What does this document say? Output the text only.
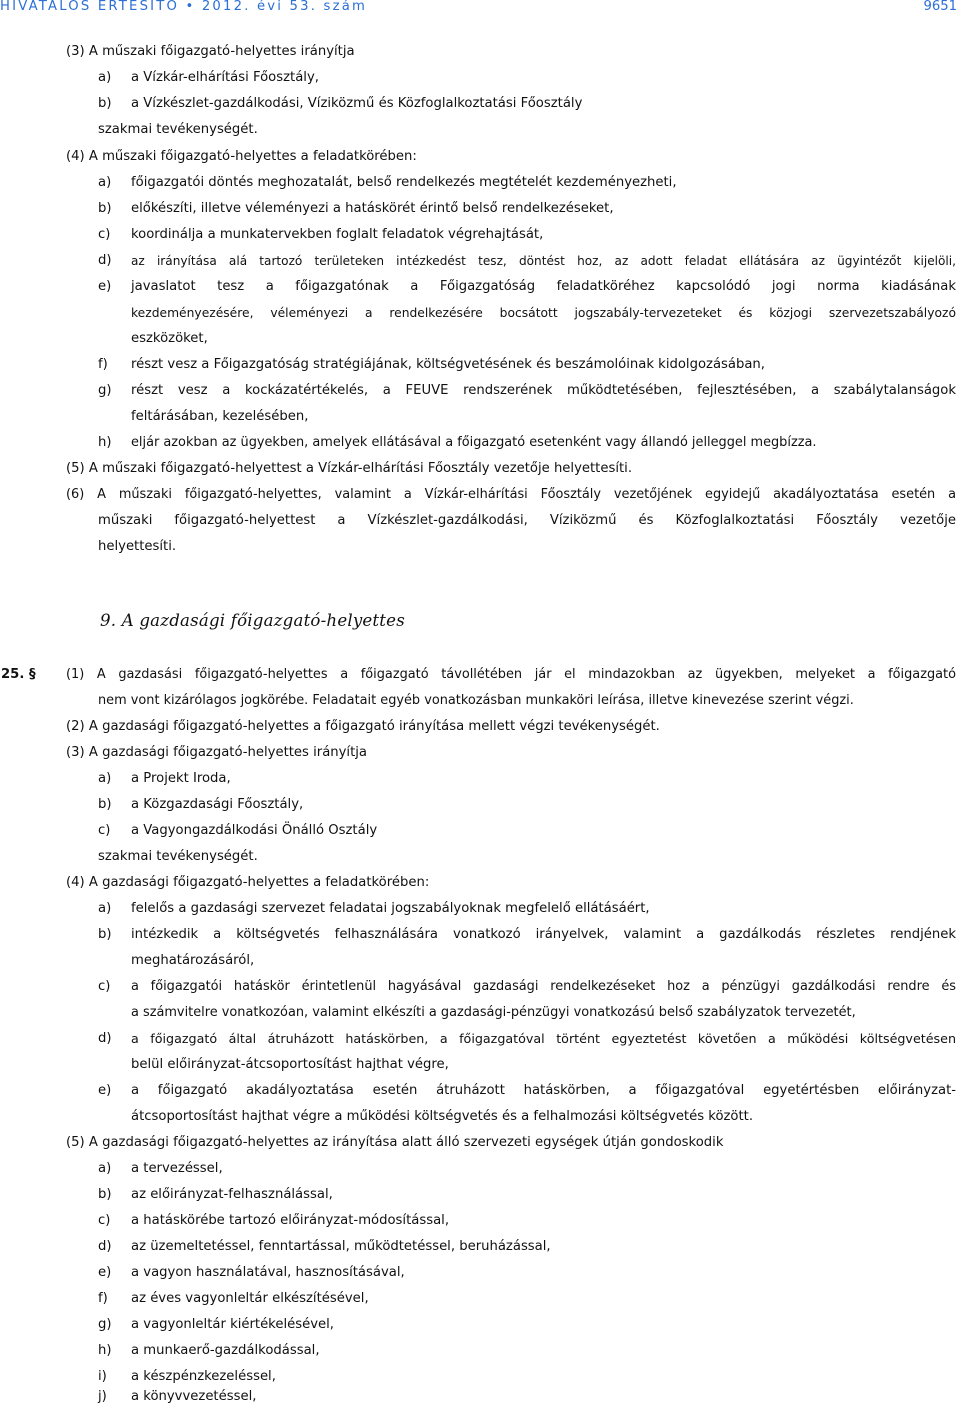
HIVATALOS ÉRTESÍTŐ • 2012. évi 53. szám	9651
(3) A műszaki főigazgató-helyettes irányítja
a) a Vízkár-elhárítási Főosztály,
b) a Vízkészlet-gazdálkodási, Víziközmű és Közfoglalkoztatási Főosztály
szakmai tevékenységét.
(4) A műszaki főigazgató-helyettes a feladatkörében:
a) főigazgatói döntés meghozatalát, belső rendelkezés megtételét kezdeményezheti,
b) előkészíti, illetve véleményezi a hatáskörét érintő belső rendelkezéseket,
c) koordinálja a munkatervekben foglalt feladatok végrehajtását,
d) az irányítása alá tartozó területeken intézkedést tesz, döntést hoz, az adott feladat ellátására az ügyintézőt kijelöli,
e) javaslatot tesz a főigazgatónak a Főigazgatóság feladatköréhez kapcsolódó jogi norma kiadásának
kezdeményezésére, véleményezi a rendelkezésére bocsátott jogszabály-tervezeteket és közjogi szervezetszabályozó
eszközöket,
f) részt vesz a Főigazgatóság stratégiájának, költségvetésének és beszámolóinak kidolgozásában,
g) részt vesz a kockázatértékelés, a FEUVE rendszerének működtetésében, fejlesztésében, a szabálytalanságok
feltárásában, kezelésében,
h) eljár azokban az ügyekben, amelyek ellátásával a főigazgató esetenként vagy állandó jelleggel megbízza.
(5) A műszaki főigazgató-helyettest a Vízkár-elhárítási Főosztály vezetője helyettesíti.
(6) A műszaki főigazgató-helyettes, valamint a Vízkár-elhárítási Főosztály vezetőjének egyidejű akadályoztatása esetén a
műszaki főigazgató-helyettest a Vízkészlet-gazdálkodási, Víziközmű és Közfoglalkoztatási Főosztály vezetője
helyettesíti.
9. A gazdasági főigazgató-helyettes
25. § (1) A gazdasási főigazgató-helyettes a főigazgató távollétében jár el mindazokban az ügyekben, melyeket a főigazgató
nem vont kizárólagos jogkörébe. Feladatait egyéb vonatkozásban munkaköri leírása, illetve kinevezése szerint végzi.
(2) A gazdasági főigazgató-helyettes a főigazgató irányítása mellett végzi tevékenységét.
(3) A gazdasági főigazgató-helyettes irányítja
a) a Projekt Iroda,
b) a Közgazdasági Főosztály,
c) a Vagyongazdálkodási Önálló Osztály
szakmai tevékenységét.
(4) A gazdasági főigazgató-helyettes a feladatkörében:
a) felelős a gazdasági szervezet feladatai jogszabályoknak megfelelő ellátásáért,
b) intézkedik a költségvetés felhasználására vonatkozó irányelvek, valamint a gazdálkodás részletes rendjének
meghatározásáról,
c) a főigazgatói hatáskör érintetlenül hagyásával gazdasági rendelkezéseket hoz a pénzügyi gazdálkodási rendre és
a számvitelre vonatkozóan, valamint elkészíti a gazdasági-pénzügyi vonatkozású belső szabályzatok tervezetét,
d) a főigazgató által átruházott hatáskörben, a főigazgatóval történt egyeztetést követően a működési költségvetésen
belül előirányzat-átcsoportosítást hajthat végre,
e) a főigazgató akadályoztatása esetén átruházott hatáskörben, a főigazgatóval egyetértésben előirányzat-
átcsoportosítást hajthat végre a működési költségvetés és a felhalmozási költségvetés között.
(5) A gazdasági főigazgató-helyettes az irányítása alatt álló szervezeti egységek útján gondoskodik
a) a tervezéssel,
b) az előirányzat-felhasználással,
c) a hatáskörébe tartozó előirányzat-módosítással,
d) az üzemeltetéssel, fenntartással, működtetéssel, beruházással,
e) a vagyon használatával, hasznosításával,
f) az éves vagyonleltár elkészítésével,
g) a vagyonleltár kiértékelésével,
h) a munkaerő-gazdálkodással,
i) a készpénzkezeléssel,
j) a könyvvezetéssel,
